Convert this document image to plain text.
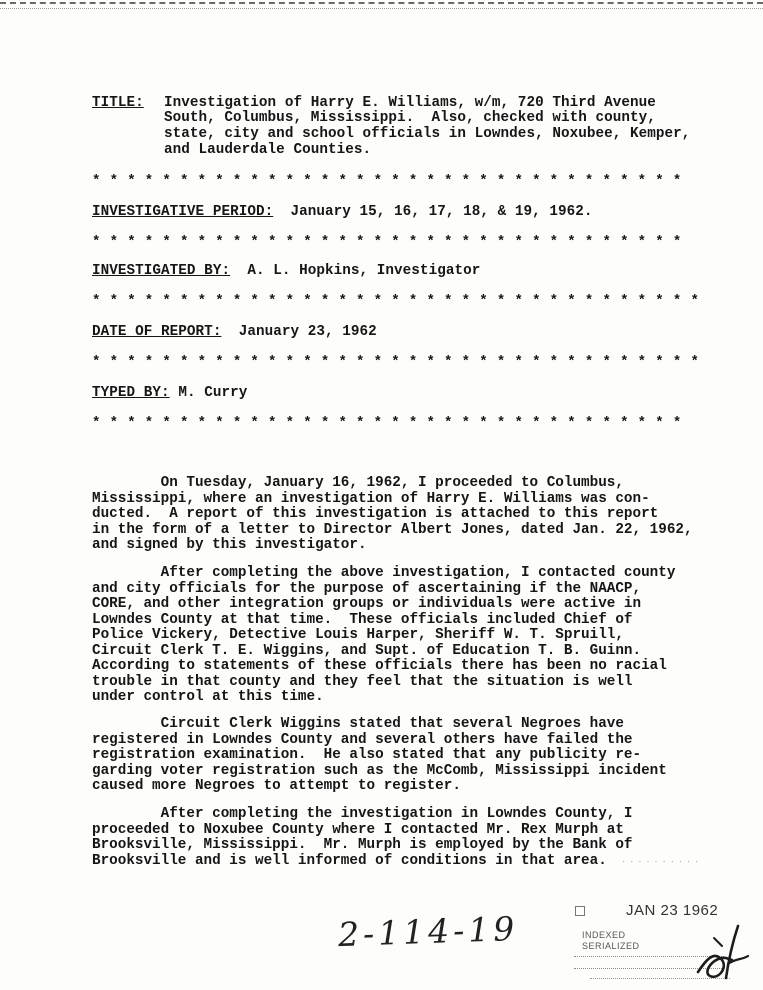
TITLE: Investigation of Harry E. Williams, w/m, 720 Third Avenue
South, Columbus, Mississippi.  Also, checked with county,
state, city and school officials in Lowndes, Noxubee, Kemper,
and Lauderdale Counties.
* * * * * * * * * * * * * * * * * * * * * * * * * * * * * * * * * *
INVESTIGATIVE PERIOD: January 15, 16, 17, 18, & 19, 1962.
* * * * * * * * * * * * * * * * * * * * * * * * * * * * * * * * * *
INVESTIGATED BY: A. L. Hopkins, Investigator
* * * * * * * * * * * * * * * * * * * * * * * * * * * * * * * * * * *
DATE OF REPORT: January 23, 1962
* * * * * * * * * * * * * * * * * * * * * * * * * * * * * * * * * * *
TYPED BY: M. Curry
* * * * * * * * * * * * * * * * * * * * * * * * * * * * * * * * * *
On Tuesday, January 16, 1962, I proceeded to Columbus,
Mississippi, where an investigation of Harry E. Williams was con-
ducted.  A report of this investigation is attached to this report
in the form of a letter to Director Albert Jones, dated Jan. 22, 1962,
and signed by this investigator.
After completing the above investigation, I contacted county
and city officials for the purpose of ascertaining if the NAACP,
CORE, and other integration groups or individuals were active in
Lowndes County at that time.  These officials included Chief of
Police Vickery, Detective Louis Harper, Sheriff W. T. Spruill,
Circuit Clerk T. E. Wiggins, and Supt. of Education T. B. Guinn.
According to statements of these officials there has been no racial
trouble in that county and they feel that the situation is well
under control at this time.
Circuit Clerk Wiggins stated that several Negroes have
registered in Lowndes County and several others have failed the
registration examination.  He also stated that any publicity re-
garding voter registration such as the McComb, Mississippi incident
caused more Negroes to attempt to register.
After completing the investigation in Lowndes County, I
proceeded to Noxubee County where I contacted Mr. Rex Murph at
Brooksville, Mississippi.  Mr. Murph is employed by the Bank of
Brooksville and is well informed of conditions in that area.	· · · · · · · · · ·
2-114-19	JAN 23 1962
INDEXED
SERIALIZED
